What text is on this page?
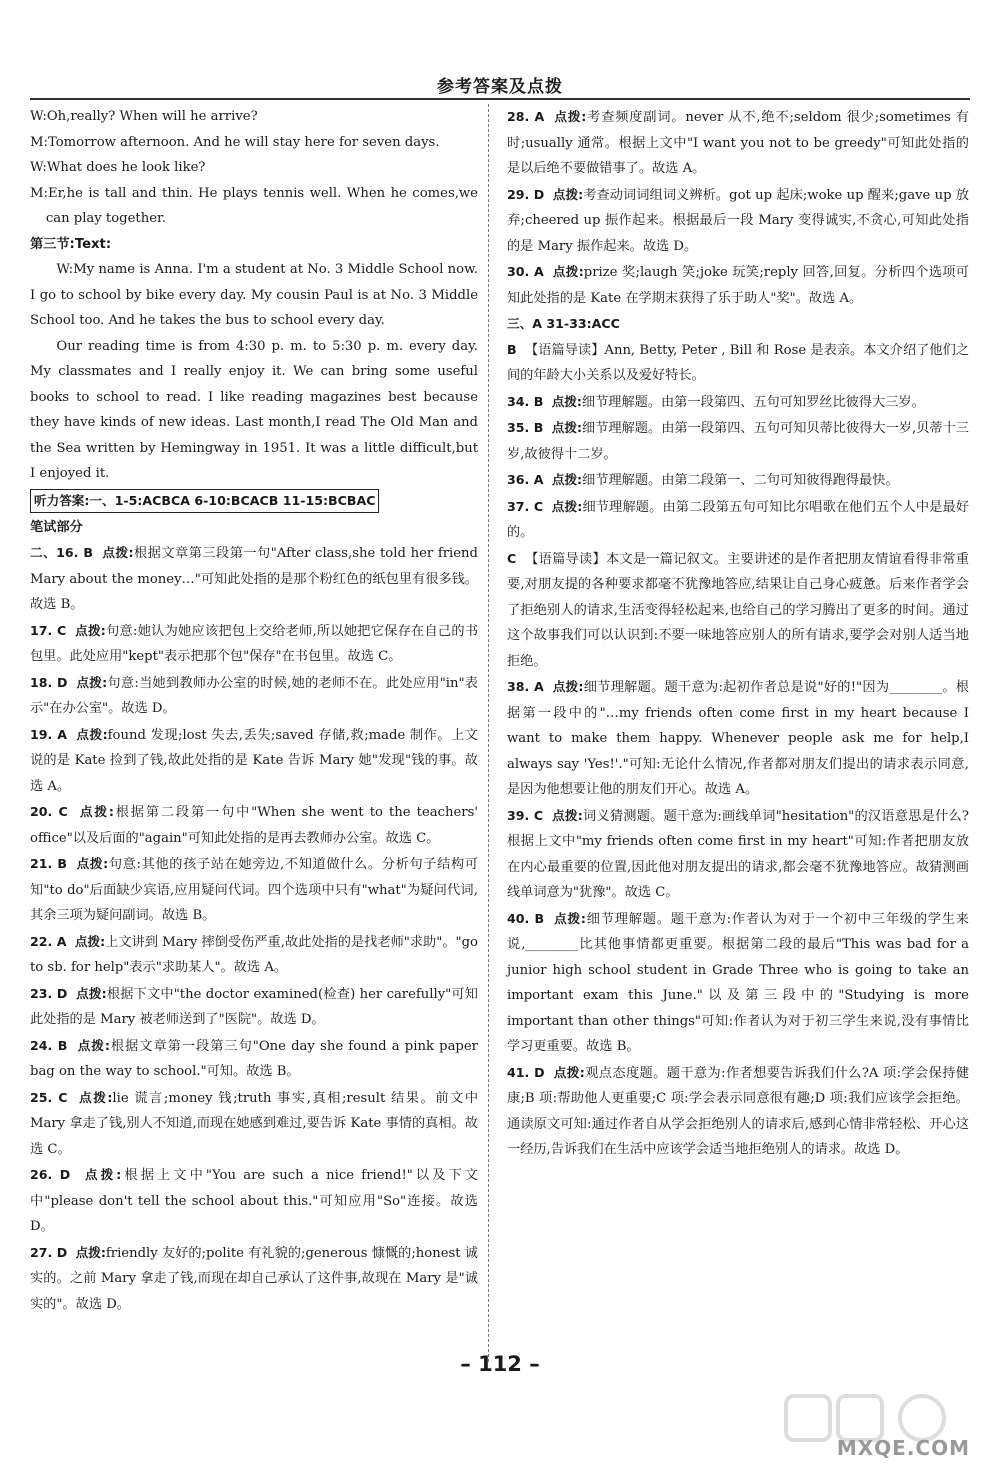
参考答案及点拨

W:Oh,really? When will he arrive?

M:Tomorrow afternoon. And he will stay here for seven days.

W:What does he look like?

M:Er,he is tall and thin. He plays tennis well. When he comes,we can play together.

第三节:Text:

W:My name is Anna. I'm a student at No. 3 Middle School now. I go to school by bike every day. My cousin Paul is at No. 3 Middle School too. And he takes the bus to school every day.

Our reading time is from 4:30 p. m. to 5:30 p. m. every day. My classmates and I really enjoy it. We can bring some useful books to school to read. I like reading magazines best because they have kinds of new ideas. Last month,I read The Old Man and the Sea written by Hemingway in 1951. It was a little difficult,but I enjoyed it.

听力答案:一、1-5:ACBCA 6-10:BCACB 11-15:BCBAC

笔试部分

二、16. B 点拨:根据文章第三段第一句"After class,she told her friend Mary about the money…"可知此处指的是那个粉红色的纸包里有很多钱。故选 B。

17. C 点拨:句意:她认为她应该把包上交给老师,所以她把它保存在自己的书包里。此处应用"kept"表示把那个包"保存"在书包里。故选 C。

18. D 点拨:句意:当她到教师办公室的时候,她的老师不在。此处应用"in"表示"在办公室"。故选 D。

19. A 点拨:found 发现;lost 失去,丢失;saved 存储,救;made 制作。上文说的是 Kate 捡到了钱,故此处指的是 Kate 告诉 Mary 她"发现"钱的事。故选 A。

20. C 点拨:根据第二段第一句中"When she went to the teachers' office"以及后面的"again"可知此处指的是再去教师办公室。故选 C。

21. B 点拨:句意:其他的孩子站在她旁边,不知道做什么。分析句子结构可知"to do"后面缺少宾语,应用疑问代词。四个选项中只有"what"为疑问代词,其余三项为疑问副词。故选 B。

22. A 点拨:上文讲到 Mary 摔倒受伤严重,故此处指的是找老师"求助"。"go to sb. for help"表示"求助某人"。故选 A。

23. D 点拨:根据下文中"the doctor examined(检查) her carefully"可知此处指的是 Mary 被老师送到了"医院"。故选 D。

24. B 点拨:根据文章第一段第三句"One day she found a pink paper bag on the way to school."可知。故选 B。

25. C 点拨:lie 谎言;money 钱;truth 事实,真相;result 结果。前文中 Mary 拿走了钱,别人不知道,而现在她感到难过,要告诉 Kate 事情的真相。故选 C。

26. D 点拨:根据上文中"You are such a nice friend!"以及下文中"please don't tell the school about this."可知应用"So"连接。故选 D。

27. D 点拨:friendly 友好的;polite 有礼貌的;generous 慷慨的;honest 诚实的。之前 Mary 拿走了钱,而现在却自己承认了这件事,故现在 Mary 是"诚实的"。故选 D。

28. A 点拨:考查频度副词。never 从不,绝不;seldom 很少;sometimes 有时;usually 通常。根据上文中"I want you not to be greedy"可知此处指的是以后绝不要做错事了。故选 A。

29. D 点拨:考查动词词组词义辨析。got up 起床;woke up 醒来;gave up 放弃;cheered up 振作起来。根据最后一段 Mary 变得诚实,不贪心,可知此处指的是 Mary 振作起来。故选 D。

30. A 点拨:prize 奖;laugh 笑;joke 玩笑;reply 回答,回复。分析四个选项可知此处指的是 Kate 在学期末获得了乐于助人"奖"。故选 A。

三、A 31-33:ACC

B 【语篇导读】Ann, Betty, Peter , Bill 和 Rose 是表亲。本文介绍了他们之间的年龄大小关系以及爱好特长。

34. B 点拨:细节理解题。由第一段第四、五句可知罗丝比彼得大三岁。

35. B 点拨:细节理解题。由第一段第四、五句可知贝蒂比彼得大一岁,贝蒂十三岁,故彼得十二岁。

36. A 点拨:细节理解题。由第二段第一、二句可知彼得跑得最快。

37. C 点拨:细节理解题。由第二段第五句可知比尔唱歌在他们五个人中是最好的。

C 【语篇导读】本文是一篇记叙文。主要讲述的是作者把朋友情谊看得非常重要,对朋友提的各种要求都毫不犹豫地答应,结果让自己身心疲惫。后来作者学会了拒绝别人的请求,生活变得轻松起来,也给自己的学习腾出了更多的时间。通过这个故事我们可以认识到:不要一味地答应别人的所有请求,要学会对别人适当地拒绝。

38. A 点拨:细节理解题。题干意为:起初作者总是说"好的!"因为________。根据第一段中的"…my friends often come first in my heart because I want to make them happy. Whenever people ask me for help,I always say 'Yes!'."可知:无论什么情况,作者都对朋友们提出的请求表示同意,是因为他想要让他的朋友们开心。故选 A。

39. C 点拨:词义猜测题。题干意为:画线单词"hesitation"的汉语意思是什么?根据上文中"my friends often come first in my heart"可知:作者把朋友放在内心最重要的位置,因此他对朋友提出的请求,都会毫不犹豫地答应。故猜测画线单词意为"犹豫"。故选 C。

40. B 点拨:细节理解题。题干意为:作者认为对于一个初中三年级的学生来说,________比其他事情都更重要。根据第二段的最后"This was bad for a junior high school student in Grade Three who is going to take an important exam this June."以及第三段中的"Studying is more important than other things"可知:作者认为对于初三学生来说,没有事情比学习更重要。故选 B。

41. D 点拨:观点态度题。题干意为:作者想要告诉我们什么?A 项:学会保持健康;B 项:帮助他人更重要;C 项:学会表示同意很有趣;D 项:我们应该学会拒绝。通读原文可知:通过作者自从学会拒绝别人的请求后,感到心情非常轻松、开心这一经历,告诉我们在生活中应该学会适当地拒绝别人的请求。故选 D。

– 112 –
MXQE.COM
